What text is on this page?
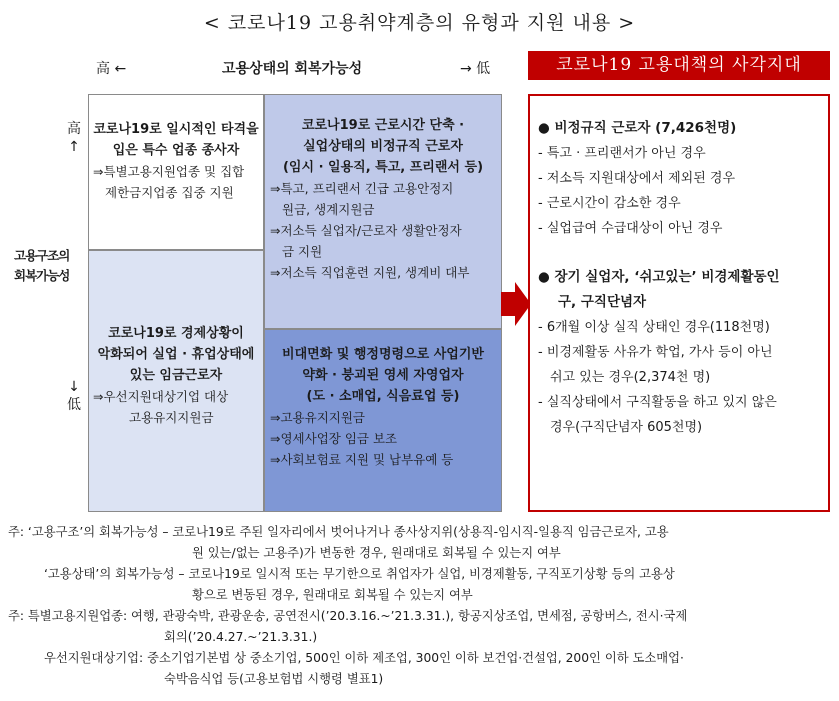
< 코로나19 고용취약계층의 유형과 지원 내용 >
高 ←	고용상태의 회복가능성	→ 低	코로나19 고용대책의 사각지대
高
↑
고용구조의
회복가능성
↓
低
코로나19로 일시적인 타격을
입은 특수 업종 종사자
⇒특별고용지원업종 및 집합
제한금지업종 집중 지원
코로나19로 근로시간 단축 ·
실업상태의 비정규직 근로자
(임시 · 일용직, 특고, 프리랜서 등)
⇒특고, 프리랜서 긴급 고용안정지
원금, 생계지원금
⇒저소득 실업자/근로자 생활안정자
금 지원
⇒저소득 직업훈련 지원, 생계비 대부
코로나19로 경제상황이
악화되어 실업 · 휴업상태에
있는 임금근로자
⇒우선지원대상기업 대상
고용유지지원금
비대면화 및 행정명령으로 사업기반
약화 · 붕괴된 영세 자영업자
(도 · 소매업, 식음료업 등)
⇒고용유지지원금
⇒영세사업장 임금 보조
⇒사회보험료 지원 및 납부유예 등
● 비정규직 근로자 (7,426천명)
- 특고 · 프리랜서가 아닌 경우
- 저소득 지원대상에서 제외된 경우
- 근로시간이 감소한 경우
- 실업급여 수급대상이 아닌 경우
● 장기 실업자, ‘쉬고있는’ 비경제활동인
구, 구직단념자
- 6개월 이상 실직 상태인 경우(118천명)
- 비경제활동 사유가 학업, 가사 등이 아닌
쉬고 있는 경우(2,374천 명)
- 실직상태에서 구직활동을 하고 있지 않은
경우(구직단념자 605천명)
주: ‘고용구조’의 회복가능성 – 코로나19로 주된 일자리에서 벗어나거나 종사상지위(상용직-임시직-일용직 임금근로자, 고용
원 있는/없는 고용주)가 변동한 경우, 원래대로 회복될 수 있는지 여부
‘고용상태’의 회복가능성 – 코로나19로 일시적 또는 무기한으로 취업자가 실업, 비경제활동, 구직포기상황 등의 고용상
황으로 변동된 경우, 원래대로 회복될 수 있는지 여부
주: 특별고용지원업종: 여행, 관광숙박, 관광운송, 공연전시(’20.3.16.~’21.3.31.), 항공지상조업, 면세점, 공항버스, 전시·국제
회의(’20.4.27.~’21.3.31.)
우선지원대상기업: 중소기업기본법 상 중소기업, 500인 이하 제조업, 300인 이하 보건업·건설업, 200인 이하 도소매업·
숙박음식업 등(고용보험법 시행령 별표1)
